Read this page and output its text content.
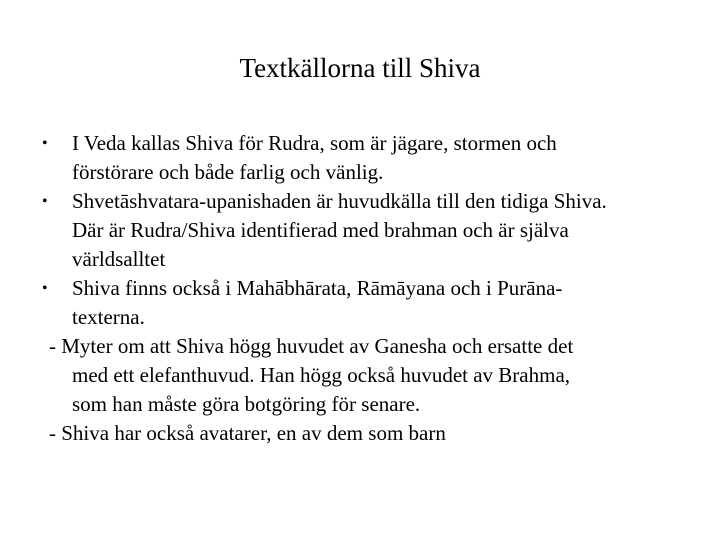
Textkällorna till Shiva
• I Veda kallas Shiva för Rudra, som är jägare, stormen och
förstörare och både farlig och vänlig.
• Shvetāshvatara-upanishaden är huvudkälla till den tidiga Shiva.
Där är Rudra/Shiva identifierad med brahman och är själva
världsalltet
• Shiva finns också i Mahābhārata, Rāmāyana och i Purāna-
texterna.
- Myter om att Shiva högg huvudet av Ganesha och ersatte det
med ett elefanthuvud. Han högg också huvudet av Brahma,
som han måste göra botgöring för senare.
- Shiva har också avatarer, en av dem som barn
